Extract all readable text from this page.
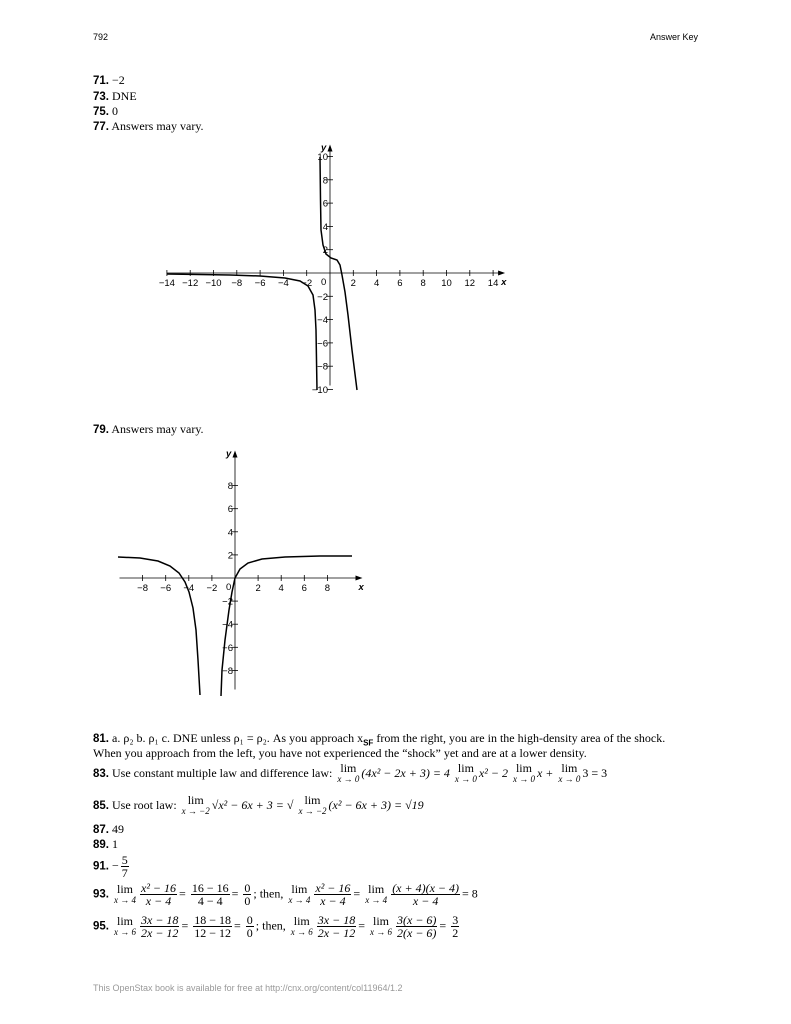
792	Answer Key
71. −2
73. DNE
75. 0
77. Answers may vary.
x
y
0
−14 −12 −10 −8 −6 −4 −2	2 4 6 8 10 12 14
10
8
6
4
2
−2
−4
−6
−8
−10
x
y
0
−8 −6 −4 −2	2 4 6 8
8
6
4
2
−2
−4
−6
−8
79. Answers may vary.
81. a. ρ₂ b. ρ₁ c. DNE unless ρ₁ = ρ₂. As you approach $x_{SF}$ from the right, you are in the high-density area of the shock.
When you approach from the left, you have not experienced the “shock” yet and are at a lower density.
83. Use constant multiple law and difference law: lim
x → 0 (4x² − 2x + 3) = 4 lim
x → 0 x² − 2 lim
x → 0 x + lim
x → 0 3 = 3
85. Use root law: lim
x → −2 √x² − 6x + 3 = √ lim
x → −2 (x² − 6x + 3) = √19
87. 49
89. 1
91. − $\frac{5}{7}$
93. lim
$x \to 4 \frac{\text{x² − 16}}{x - 4} = \frac{16 - 16}{4 - 4} = \frac{0}{0}$ ; then, lim
$x \to 4 \frac{\text{x² − 16}}{x - 4} = \lim$
$x \to 4 \frac{(x + 4)(x - 4)}{x - 4} = 8$
95. lim
$x \to 6 \frac{3x - 18}{2x - 12} = \frac{18 - 18}{12 - 12} = \frac{0}{0}$ ; then, lim
$x \to 6 \frac{3x - 18}{2x - 12} = \lim$
$x \to 6 \frac{3(x - 6)}{2(x - 6)} = \frac{3}{2}$
This OpenStax book is available for free at http://cnx.org/content/col11964/1.2
